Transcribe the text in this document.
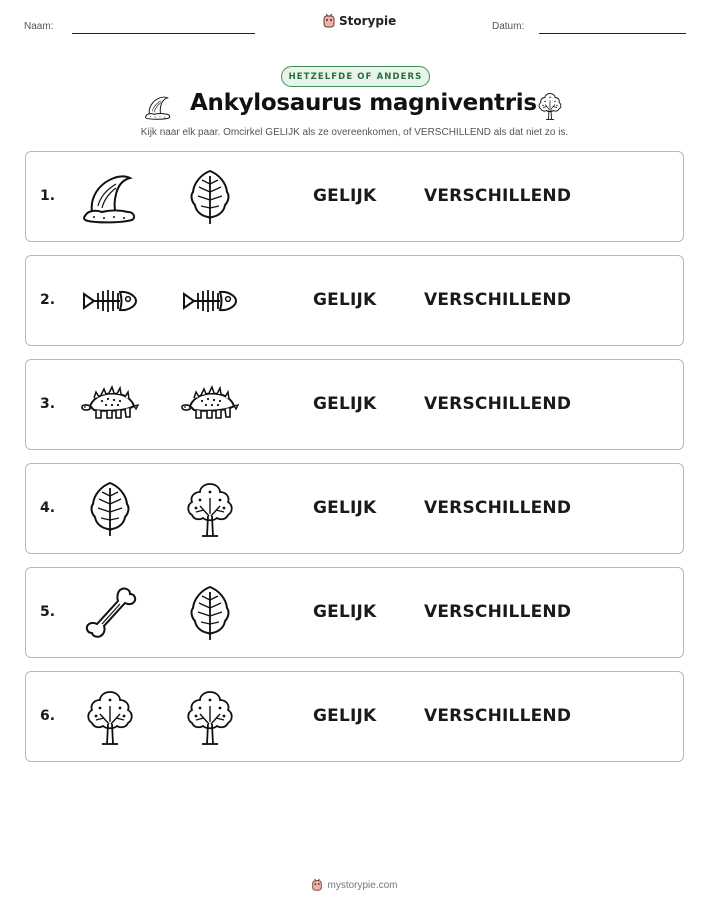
Naam:	Storypie	Datum:
HETZELFDE OF ANDERS
Ankylosaurus magniventris
Kijk naar elk paar. Omcirkel GELIJK als ze overeenkomen, of VERSCHILLEND als dat niet zo is.
1.	GELIJK	VERSCHILLEND
2.	GELIJK	VERSCHILLEND
3.	GELIJK	VERSCHILLEND
4.	GELIJK	VERSCHILLEND
5.	GELIJK	VERSCHILLEND
6.	GELIJK	VERSCHILLEND
mystorypie.com
